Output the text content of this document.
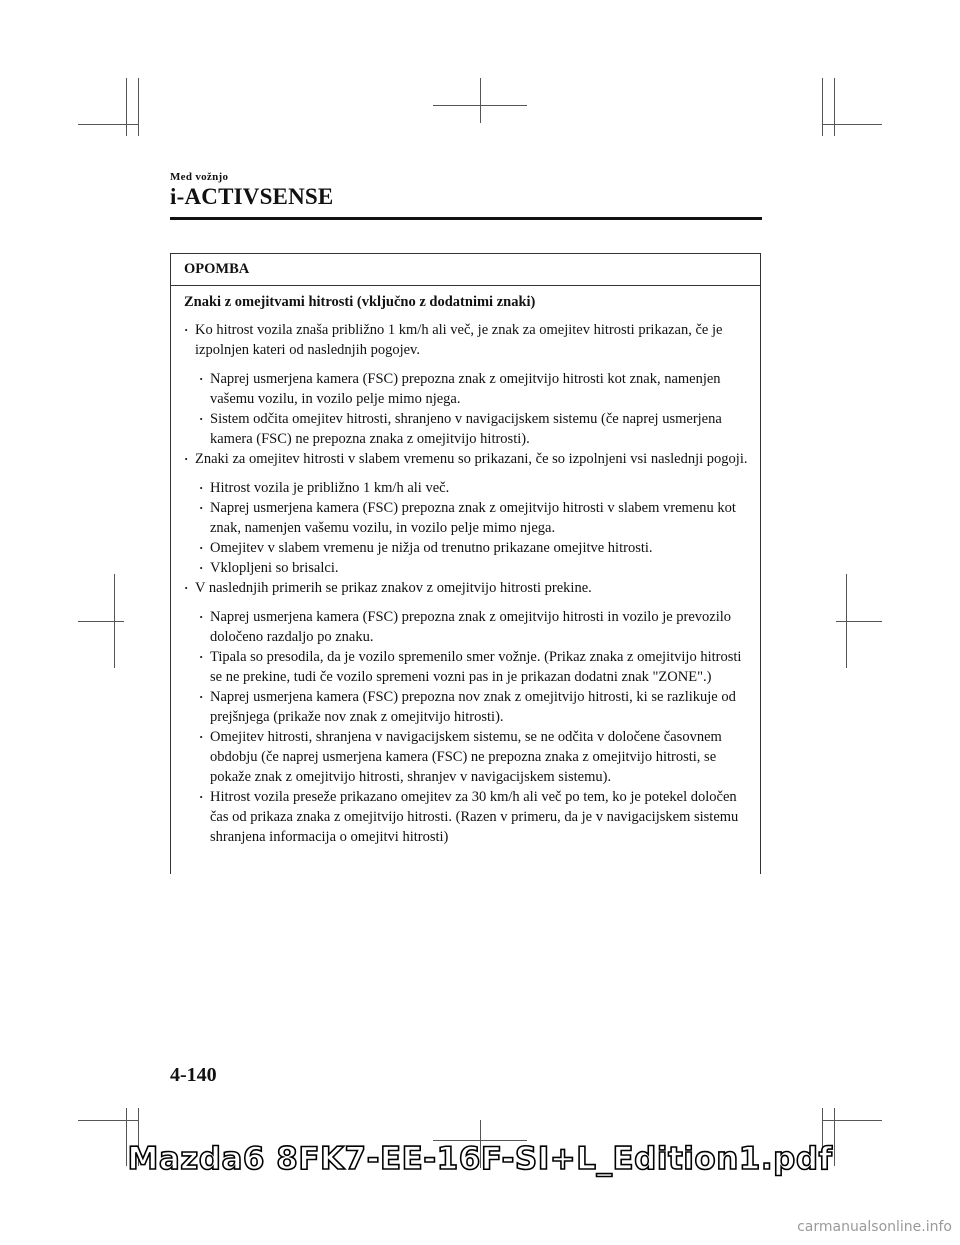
Med vožnjo
i-ACTIVSENSE
OPOMBA
Znaki z omejitvami hitrosti (vključno z dodatnimi znaki)
· Ko hitrost vozila znaša približno 1 km/h ali več, je znak za omejitev hitrosti prikazan, če je izpolnjen kateri od naslednjih pogojev.
· Naprej usmerjena kamera (FSC) prepozna znak z omejitvijo hitrosti kot znak, namenjen vašemu vozilu, in vozilo pelje mimo njega.
· Sistem odčita omejitev hitrosti, shranjeno v navigacijskem sistemu (če naprej usmerjena kamera (FSC) ne prepozna znaka z omejitvijo hitrosti).
· Znaki za omejitev hitrosti v slabem vremenu so prikazani, če so izpolnjeni vsi naslednji pogoji.
· Hitrost vozila je približno 1 km/h ali več.
· Naprej usmerjena kamera (FSC) prepozna znak z omejitvijo hitrosti v slabem vremenu kot znak, namenjen vašemu vozilu, in vozilo pelje mimo njega.
· Omejitev v slabem vremenu je nižja od trenutno prikazane omejitve hitrosti.
· Vklopljeni so brisalci.
· V naslednjih primerih se prikaz znakov z omejitvijo hitrosti prekine.
· Naprej usmerjena kamera (FSC) prepozna znak z omejitvijo hitrosti in vozilo je prevozilo določeno razdaljo po znaku.
· Tipala so presodila, da je vozilo spremenilo smer vožnje. (Prikaz znaka z omejitvijo hitrosti se ne prekine, tudi če vozilo spremeni vozni pas in je prikazan dodatni znak "ZONE".)
· Naprej usmerjena kamera (FSC) prepozna nov znak z omejitvijo hitrosti, ki se razlikuje od prejšnjega (prikaže nov znak z omejitvijo hitrosti).
· Omejitev hitrosti, shranjena v navigacijskem sistemu, se ne odčita v določene časovnem obdobju (če naprej usmerjena kamera (FSC) ne prepozna znaka z omejitvijo hitrosti, se pokaže znak z omejitvijo hitrosti, shranjev v navigacijskem sistemu).
· Hitrost vozila preseže prikazano omejitev za 30 km/h ali več po tem, ko je potekel določen čas od prikaza znaka z omejitvijo hitrosti. (Razen v primeru, da je v navigacijskem sistemu shranjena informacija o omejitvi hitrosti)
4-140
Mazda6 8FK7-EE-16F-SI+L_Edition1.pdf
carmanualsonline.info
